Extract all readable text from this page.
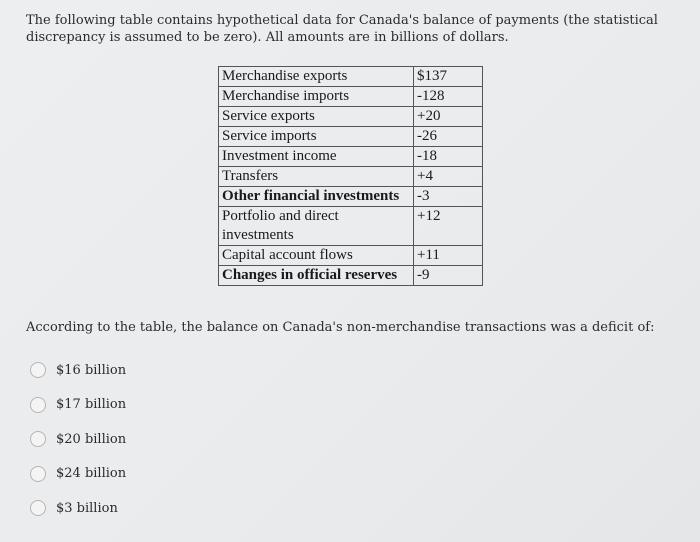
The following table contains hypothetical data for Canada's balance of payments (the statistical discrepancy is assumed to be zero). All amounts are in billions of dollars.
Merchandise exports	$137
Merchandise imports	-128
Service exports	+20
Service imports	-26
Investment income	-18
Transfers	+4
Other financial investments	-3
Portfolio and direct investments	+12
Capital account flows	+11
Changes in official reserves	-9
According to the table, the balance on Canada's non-merchandise transactions was a deficit of:
$16 billion
$17 billion
$20 billion
$24 billion
$3 billion
